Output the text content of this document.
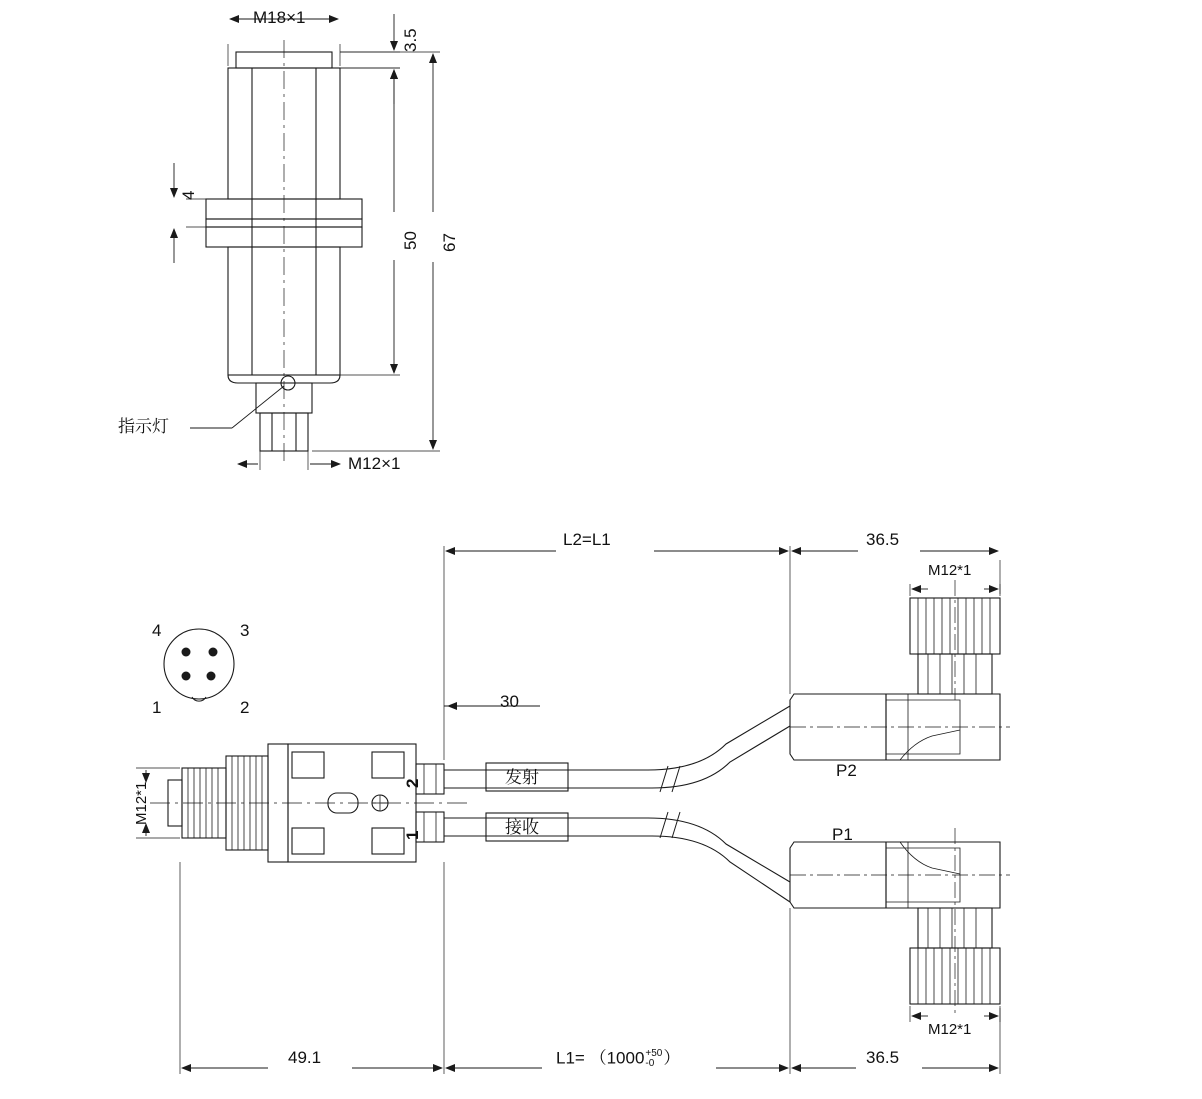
M18×1
3.5
4
50 67
指示灯
M12×1
4	3
1	2
M12*1	2
1
发射
接收
P2
P1
M12*1
M12*1
L2=L1	36.5
30
49.1	36.5
L1= （1000 +50
-0 ）
